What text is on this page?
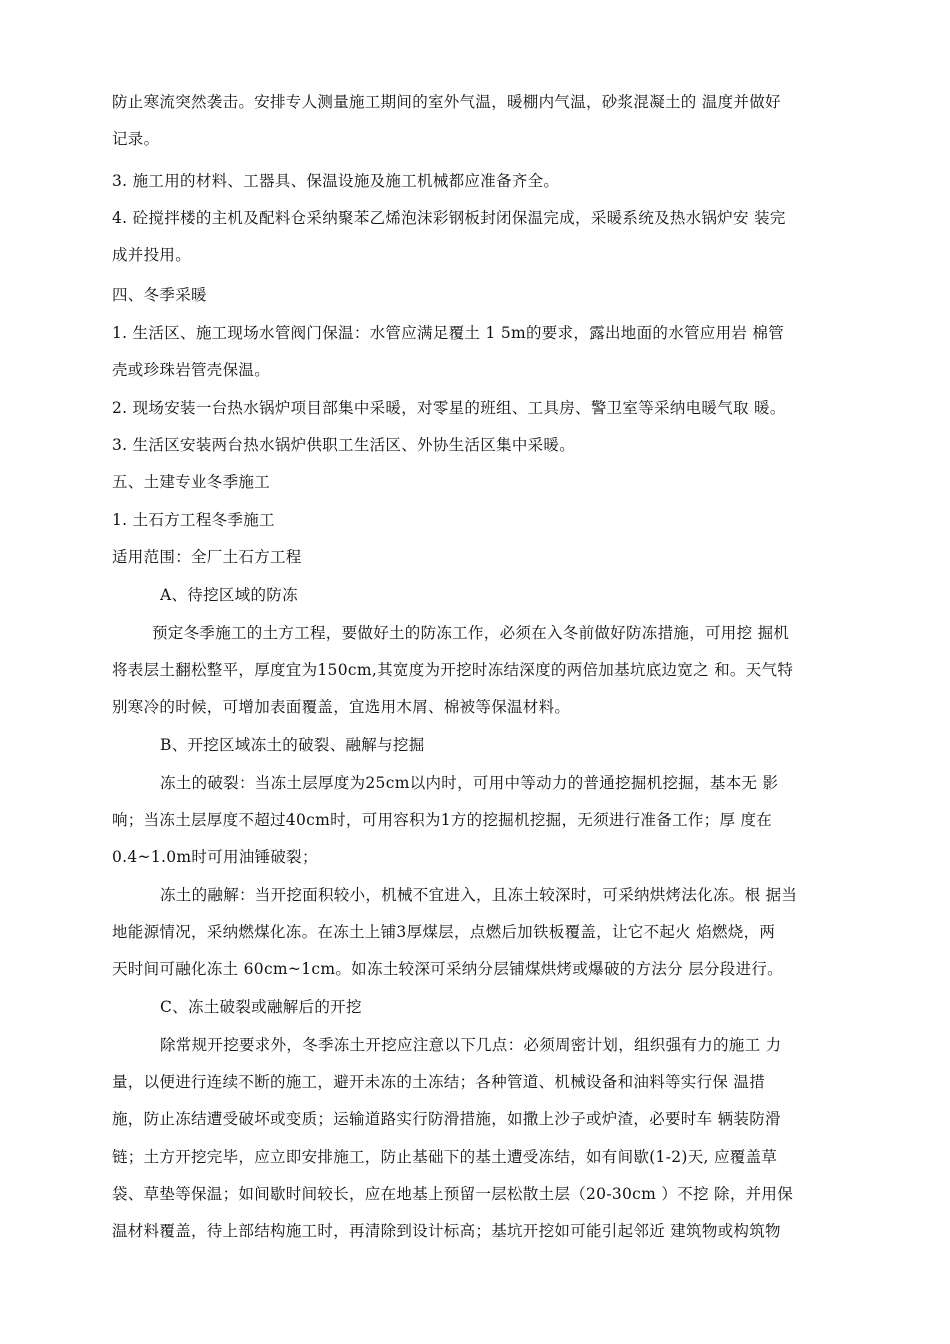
防止寒流突然袭击。安排专人测量施工期间的室外气温，暖棚内气温，砂浆混凝土的 温度并做好
记录。
3. 施工用的材料、工器具、保温设施及施工机械都应准备齐全。
4. 砼搅拌楼的主机及配料仓采纳聚苯乙烯泡沫彩钢板封闭保温完成，采暖系统及热水锅炉安 装完
成并投用。
四、冬季采暖
1. 生活区、施工现场水管阀门保温：水管应满足覆土 1 5m的要求，露出地面的水管应用岩 棉管
壳或珍珠岩管壳保温。
2. 现场安装一台热水锅炉项目部集中采暖，对零星的班组、工具房、警卫室等采纳电暖气取 暖。
3. 生活区安装两台热水锅炉供职工生活区、外协生活区集中采暖。
五、土建专业冬季施工
1. 土石方工程冬季施工
适用范围：全厂土石方工程
A、待挖区域的防冻
预定冬季施工的土方工程，要做好土的防冻工作，必须在入冬前做好防冻措施，可用挖 掘机
将表层土翻松整平，厚度宜为150cm,其宽度为开挖时冻结深度的两倍加基坑底边宽之 和。天气特
别寒冷的时候，可增加表面覆盖，宜选用木屑、棉被等保温材料。
B、开挖区域冻土的破裂、融解与挖掘
冻土的破裂：当冻土层厚度为25cm以内时，可用中等动力的普通挖掘机挖掘，基本无 影
响；当冻土层厚度不超过40cm时，可用容积为1方的挖掘机挖掘，无须进行准备工作；厚 度在
0.4~1.0m时可用油锤破裂；
冻土的融解：当开挖面积较小，机械不宜进入，且冻土较深时，可采纳烘烤法化冻。根 据当
地能源情况，采纳燃煤化冻。在冻土上铺3厚煤层，点燃后加铁板覆盖，让它不起火 焰燃烧，两
天时间可融化冻土 60cm~1cm。如冻土较深可采纳分层铺煤烘烤或爆破的方法分 层分段进行。
C、冻土破裂或融解后的开挖
除常规开挖要求外，冬季冻土开挖应注意以下几点：必须周密计划，组织强有力的施工 力
量，以便进行连续不断的施工，避开未冻的土冻结；各种管道、机械设备和油料等实行保 温措
施，防止冻结遭受破坏或变质；运输道路实行防滑措施，如撒上沙子或炉渣，必要时车 辆装防滑
链；土方开挖完毕，应立即安排施工，防止基础下的基土遭受冻结，如有间歇(1-2)天, 应覆盖草
袋、草垫等保温；如间歇时间较长，应在地基上预留一层松散土层（20-30cm ）不挖 除，并用保
温材料覆盖，待上部结构施工时，再清除到设计标高；基坑开挖如可能引起邻近 建筑物或构筑物
